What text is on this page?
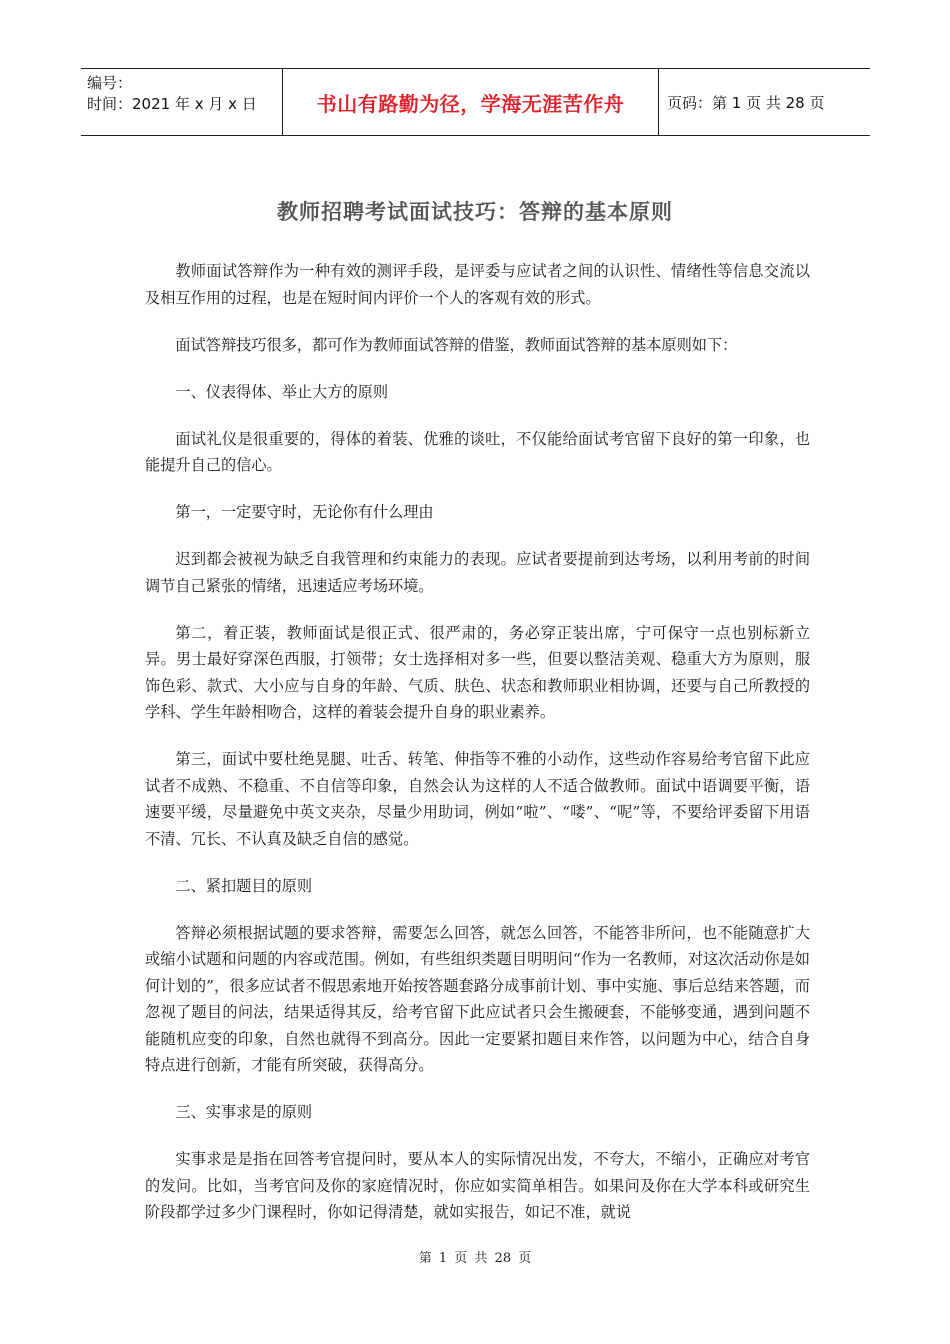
编号：
时间：2021 年 x 月 x 日	书山有路勤为径，学海无涯苦作舟	页码：第 1 页 共 28 页
教师招聘考试面试技巧：答辩的基本原则

教师面试答辩作为一种有效的测评手段，是评委与应试者之间的认识性、情绪性等信息交流以及相互作用的过程，也是在短时间内评价一个人的客观有效的形式。

面试答辩技巧很多，都可作为教师面试答辩的借鉴，教师面试答辩的基本原则如下：

一、仪表得体、举止大方的原则

面试礼仪是很重要的，得体的着装、优雅的谈吐，不仅能给面试考官留下良好的第一印象，也能提升自己的信心。

第一，一定要守时，无论你有什么理由

迟到都会被视为缺乏自我管理和约束能力的表现。应试者要提前到达考场，以利用考前的时间调节自己紧张的情绪，迅速适应考场环境。

第二，着正装，教师面试是很正式、很严肃的，务必穿正装出席，宁可保守一点也别标新立异。男士最好穿深色西服，打领带；女士选择相对多一些，但要以整洁美观、稳重大方为原则，服饰色彩、款式、大小应与自身的年龄、气质、肤色、状态和教师职业相协调，还要与自己所教授的学科、学生年龄相吻合，这样的着装会提升自身的职业素养。

第三，面试中要杜绝晃腿、吐舌、转笔、伸指等不雅的小动作，这些动作容易给考官留下此应试者不成熟、不稳重、不自信等印象，自然会认为这样的人不适合做教师。面试中语调要平衡，语速要平缓，尽量避免中英文夹杂，尽量少用助词，例如“啦”、“喽”、“呢”等，不要给评委留下用语不清、冗长、不认真及缺乏自信的感觉。

二、紧扣题目的原则

答辩必须根据试题的要求答辩，需要怎么回答，就怎么回答，不能答非所问，也不能随意扩大或缩小试题和问题的内容或范围。例如，有些组织类题目明明问“作为一名教师，对这次活动你是如何计划的”，很多应试者不假思索地开始按答题套路分成事前计划、事中实施、事后总结来答题，而忽视了题目的问法，结果适得其反，给考官留下此应试者只会生搬硬套，不能够变通，遇到问题不能随机应变的印象，自然也就得不到高分。因此一定要紧扣题目来作答，以问题为中心，结合自身特点进行创新，才能有所突破，获得高分。

三、实事求是的原则

实事求是是指在回答考官提问时，要从本人的实际情况出发，不夸大，不缩小，正确应对考官的发问。比如，当考官问及你的家庭情况时，你应如实简单相告。如果问及你在大学本科或研究生阶段都学过多少门课程时，你如记得清楚，就如实报告，如记不准，就说

第 1 页 共 28 页
